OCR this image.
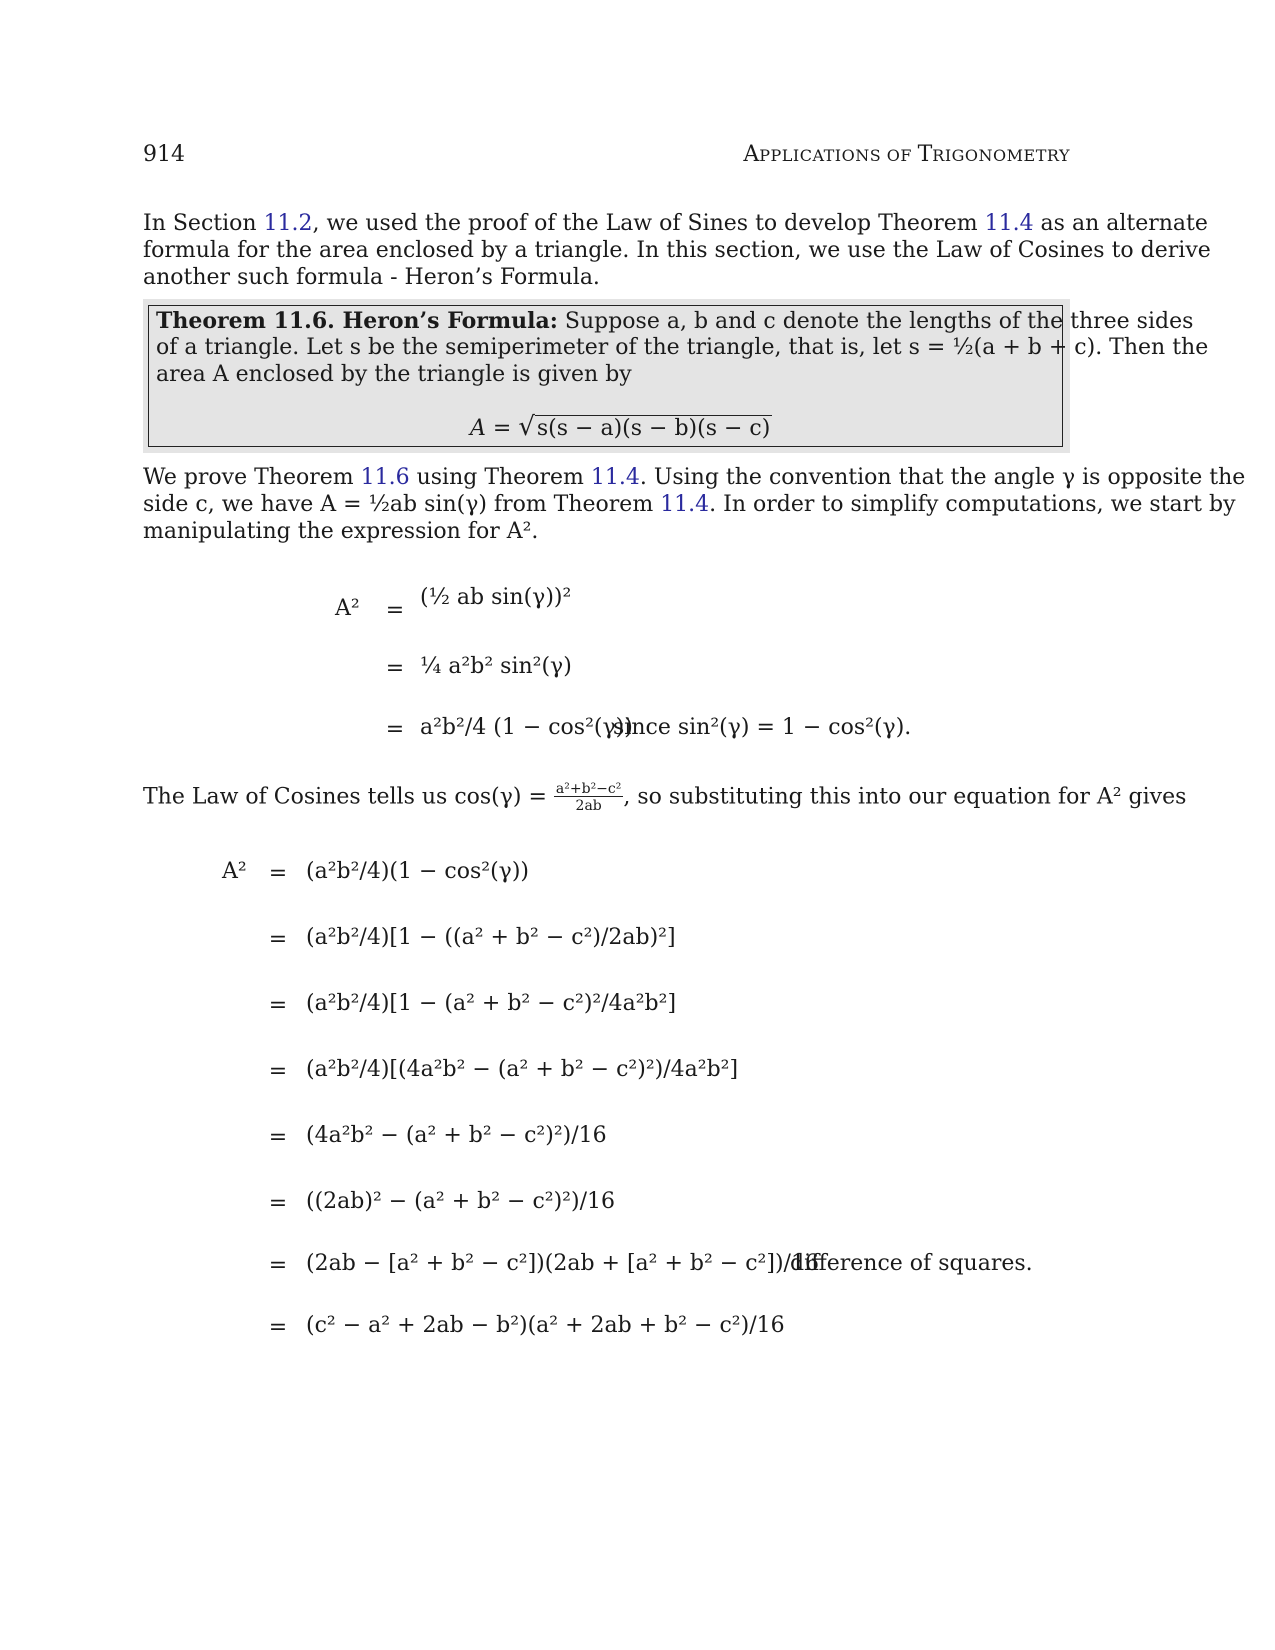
914	APPLICATIONS OF TRIGONOMETRY
In Section 11.2, we used the proof of the Law of Sines to develop Theorem 11.4 as an alternate
formula for the area enclosed by a triangle. In this section, we use the Law of Cosines to derive
another such formula - Heron’s Formula.
Theorem 11.6. Heron’s Formula: Suppose a, b and c denote the lengths of the three sides
of a triangle. Let s be the semiperimeter of the triangle, that is, let s = ½(a + b + c). Then the
area A enclosed by the triangle is given by
A = √s(s − a)(s − b)(s − c)
We prove Theorem 11.6 using Theorem 11.4. Using the convention that the angle γ is opposite the
side c, we have A = ½ab sin(γ) from Theorem 11.4. In order to simplify computations, we start by
manipulating the expression for A².
A² =
(½ ab sin(γ))²
= ¼ a²b² sin²(γ)
= a²b²/4 (1 − cos²(γ))
since sin²(γ) = 1 − cos²(γ).
The Law of Cosines tells us $\cos(\gamma) = \frac{\text{a²+b²−c²}}{2ab}$ , so substituting this into our equation for A² gives
A² = (a²b²/4)(1 − cos²(γ))
= (a²b²/4)[1 − ((a² + b² − c²)/2ab)²]
= (a²b²/4)[1 − (a² + b² − c²)²/4a²b²]
= (a²b²/4)[(4a²b² − (a² + b² − c²)²)/4a²b²]
= (4a²b² − (a² + b² − c²)²)/16
= ((2ab)² − (a² + b² − c²)²)/16
= (2ab − [a² + b² − c²])(2ab + [a² + b² − c²])/16
difference of squares.
= (c² − a² + 2ab − b²)(a² + 2ab + b² − c²)/16
